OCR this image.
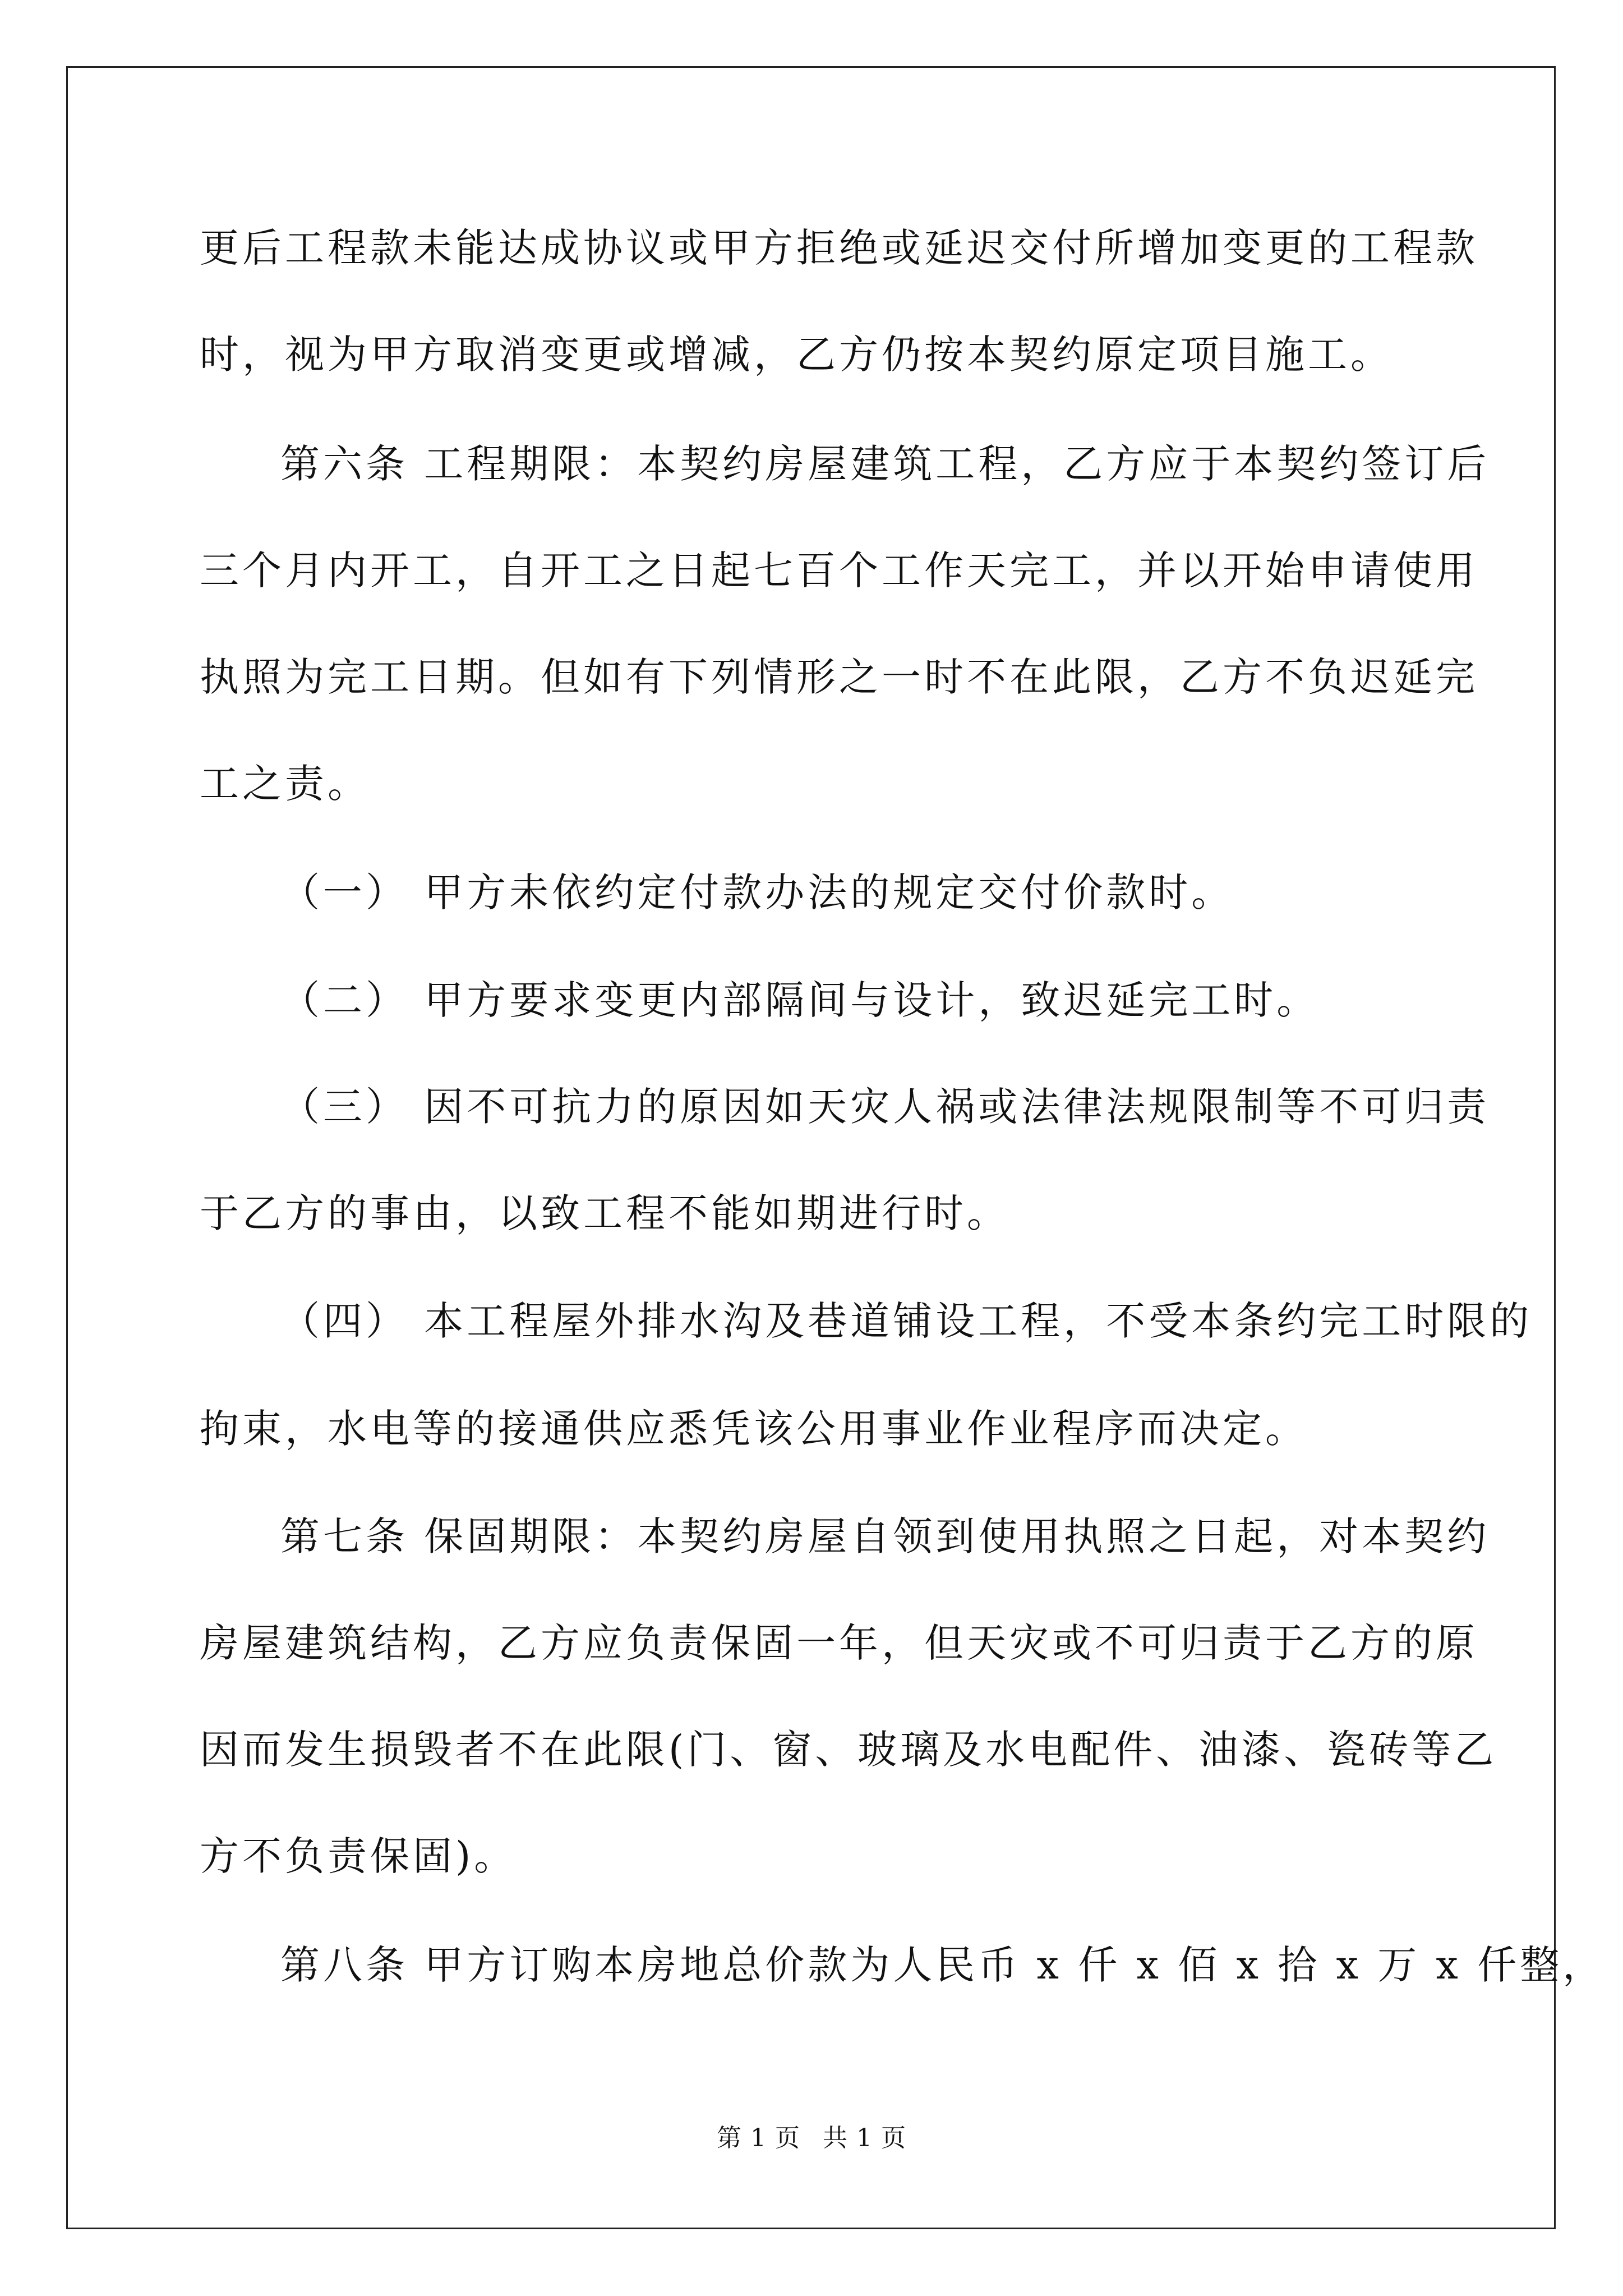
更后工程款未能达成协议或甲方拒绝或延迟交付所增加变更的工程款
时，视为甲方取消变更或增减，乙方仍按本契约原定项目施工。
第六条 工程期限：本契约房屋建筑工程，乙方应于本契约签订后
三个月内开工，自开工之日起七百个工作天完工，并以开始申请使用
执照为完工日期。但如有下列情形之一时不在此限，乙方不负迟延完
工之责。
（一） 甲方未依约定付款办法的规定交付价款时。
（二） 甲方要求变更内部隔间与设计，致迟延完工时。
（三） 因不可抗力的原因如天灾人祸或法律法规限制等不可归责
于乙方的事由，以致工程不能如期进行时。
（四） 本工程屋外排水沟及巷道铺设工程，不受本条约完工时限的
拘束，水电等的接通供应悉凭该公用事业作业程序而决定。
第七条 保固期限：本契约房屋自领到使用执照之日起，对本契约
房屋建筑结构，乙方应负责保固一年，但天灾或不可归责于乙方的原
因而发生损毁者不在此限(门、窗、玻璃及水电配件、油漆、瓷砖等乙
方不负责保固)。
第八条 甲方订购本房地总价款为人民币 x 仟 x 佰 x 拾 x 万 x 仟整，
第 1 页 共 1 页
